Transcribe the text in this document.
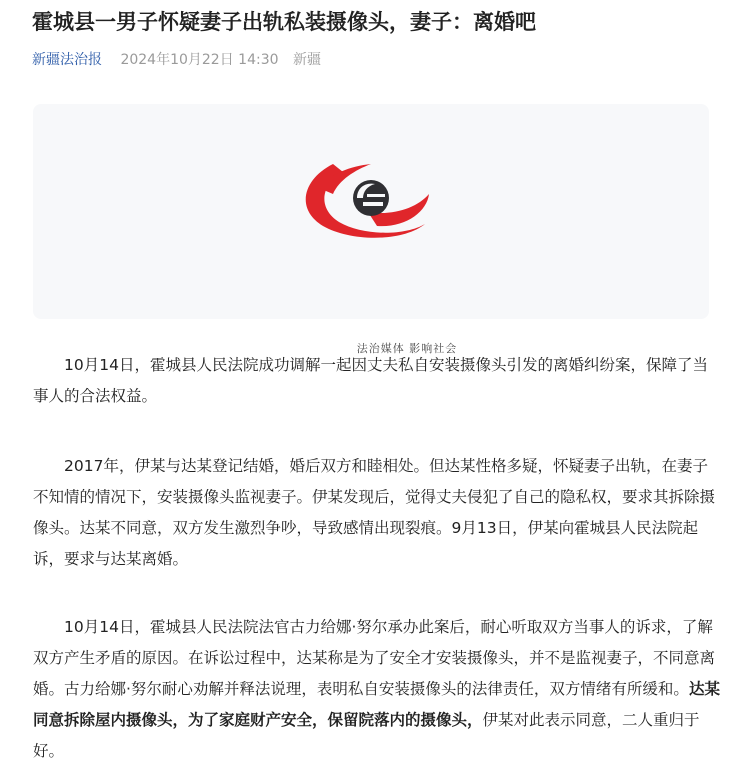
霍城县一男子怀疑妻子出轨私装摄像头，妻子：离婚吧
新疆法治报 2024年10月22日 14:30 新疆
法治媒体 影响社会

10月14日，霍城县人民法院成功调解一起因丈夫私自安装摄像头引发的离婚纠纷案，保障了当事人的合法权益。

2017年，伊某与达某登记结婚，婚后双方和睦相处。但达某性格多疑，怀疑妻子出轨，在妻子不知情的情况下，安装摄像头监视妻子。伊某发现后，觉得丈夫侵犯了自己的隐私权，要求其拆除摄像头。达某不同意，双方发生激烈争吵，导致感情出现裂痕。9月13日，伊某向霍城县人民法院起诉，要求与达某离婚。

10月14日，霍城县人民法院法官古力给娜·努尔承办此案后，耐心听取双方当事人的诉求，了解双方产生矛盾的原因。在诉讼过程中，达某称是为了安全才安装摄像头，并不是监视妻子，不同意离婚。古力给娜·努尔耐心劝解并释法说理，表明私自安装摄像头的法律责任，双方情绪有所缓和。达某同意拆除屋内摄像头，为了家庭财产安全，保留院落内的摄像头，伊某对此表示同意，二人重归于好。
